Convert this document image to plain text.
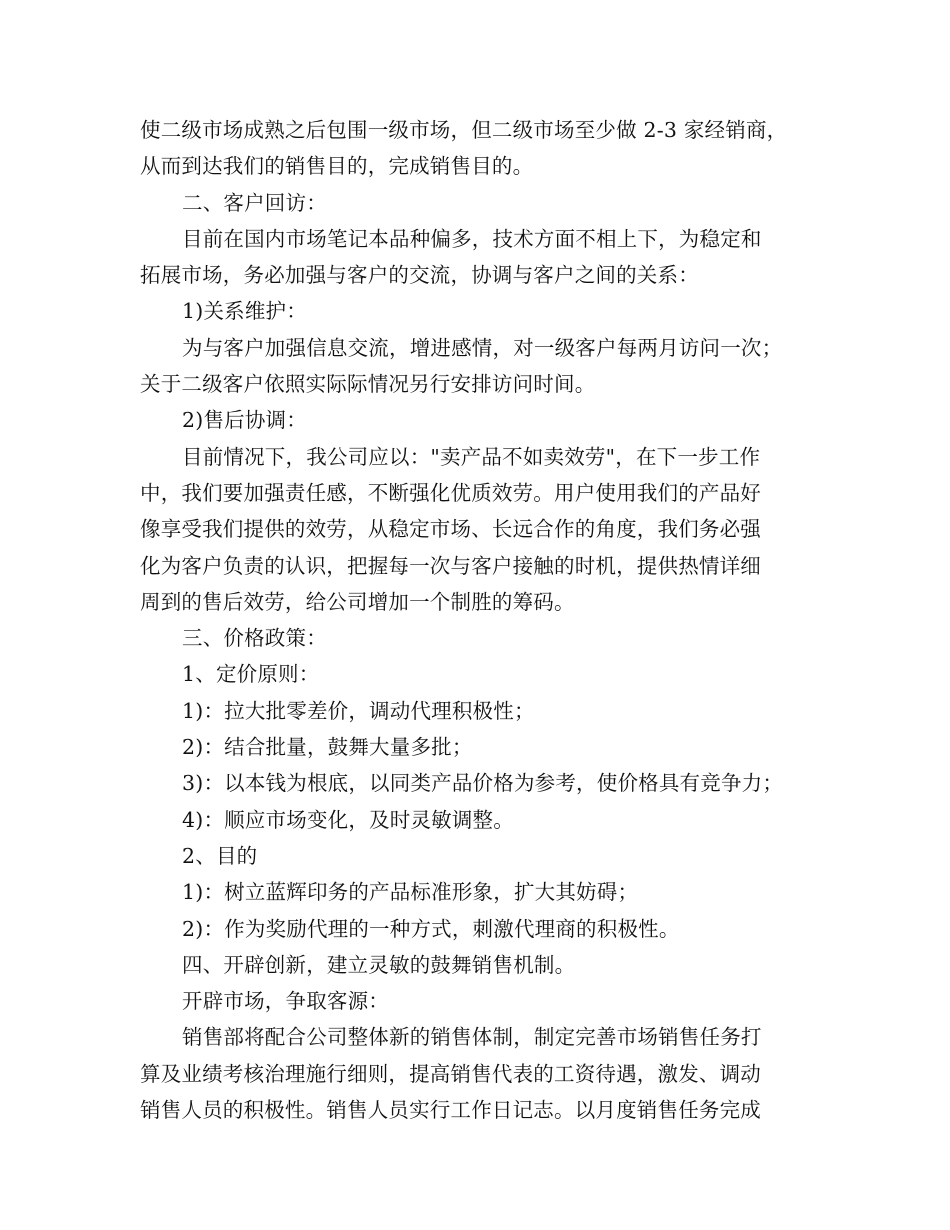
使二级市场成熟之后包围一级市场，但二级市场至少做 2-3 家经销商，
从而到达我们的销售目的，完成销售目的。
二、客户回访：
目前在国内市场笔记本品种偏多，技术方面不相上下，为稳定和
拓展市场，务必加强与客户的交流，协调与客户之间的关系：
1)关系维护：
为与客户加强信息交流，增进感情，对一级客户每两月访问一次；
关于二级客户依照实际际情况另行安排访问时间。
2)售后协调：
目前情况下，我公司应以："卖产品不如卖效劳"，在下一步工作
中，我们要加强责任感，不断强化优质效劳。用户使用我们的产品好
像享受我们提供的效劳，从稳定市场、长远合作的角度，我们务必强
化为客户负责的认识，把握每一次与客户接触的时机，提供热情详细
周到的售后效劳，给公司增加一个制胜的筹码。
三、价格政策：
1、定价原则：
1)：拉大批零差价，调动代理积极性；
2)：结合批量，鼓舞大量多批；
3)：以本钱为根底，以同类产品价格为参考，使价格具有竞争力；
4)：顺应市场变化，及时灵敏调整。
2、目的
1)：树立蓝辉印务的产品标准形象，扩大其妨碍；
2)：作为奖励代理的一种方式，刺激代理商的积极性。
四、开辟创新，建立灵敏的鼓舞销售机制。
开辟市场，争取客源：
销售部将配合公司整体新的销售体制，制定完善市场销售任务打
算及业绩考核治理施行细则，提高销售代表的工资待遇，激发、调动
销售人员的积极性。销售人员实行工作日记志。以月度销售任务完成
